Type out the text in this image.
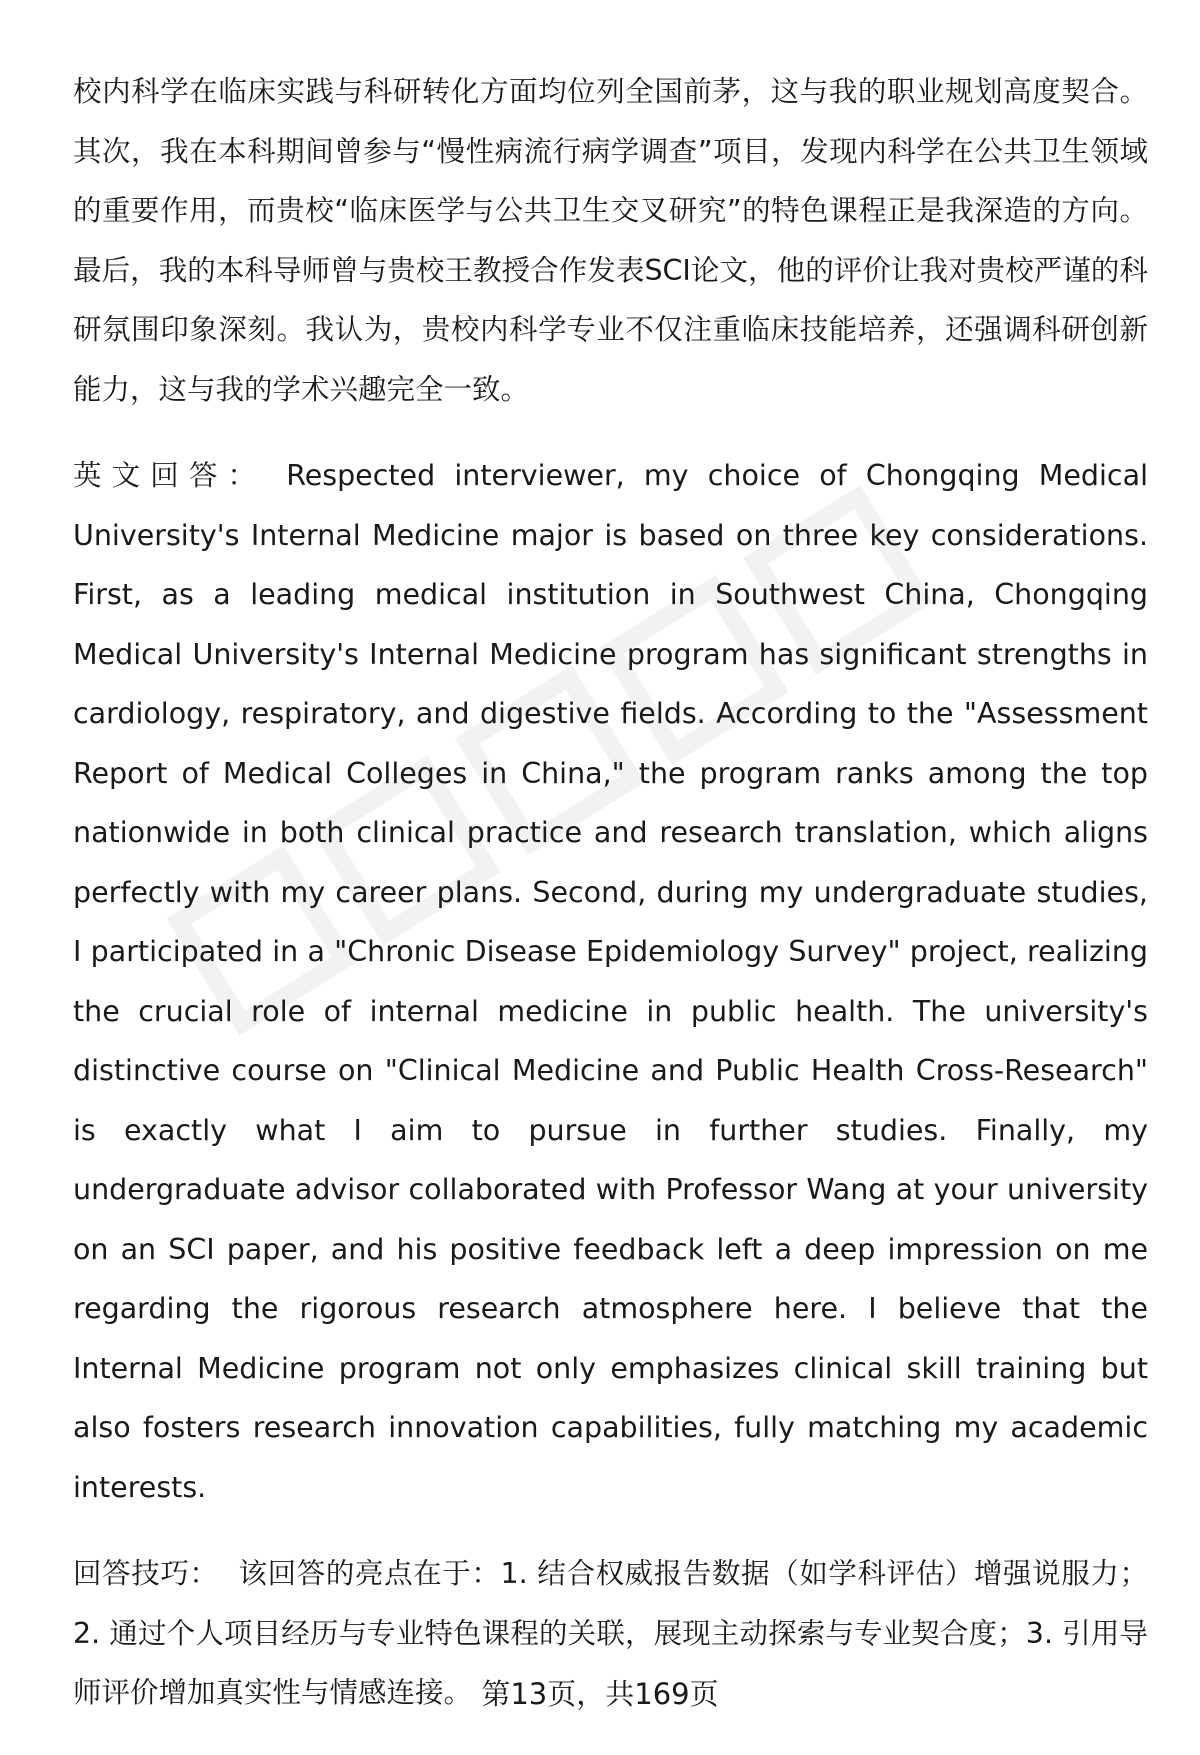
校内科学在临床实践与科研转化方面均位列全国前茅，这与我的职业规划高度契合。其次，我在本科期间曾参与“慢性病流行病学调查”项目，发现内科学在公共卫生领域的重要作用，而贵校“临床医学与公共卫生交叉研究”的特色课程正是我深造的方向。最后，我的本科导师曾与贵校王教授合作发表SCI论文，他的评价让我对贵校严谨的科研氛围印象深刻。我认为，贵校内科学专业不仅注重临床技能培养，还强调科研创新能力，这与我的学术兴趣完全一致。

英文回答： Respected interviewer, my choice of Chongqing Medical University's Internal Medicine major is based on three key considerations. First, as a leading medical institution in Southwest China, Chongqing Medical University's Internal Medicine program has significant strengths in cardiology, respiratory, and digestive fields. According to the "Assessment Report of Medical Colleges in China," the program ranks among the top nationwide in both clinical practice and research translation, which aligns perfectly with my career plans. Second, during my undergraduate studies, I participated in a "Chronic Disease Epidemiology Survey" project, realizing the crucial role of internal medicine in public health. The university's distinctive course on "Clinical Medicine and Public Health Cross-Research" is exactly what I aim to pursue in further studies. Finally, my undergraduate advisor collaborated with Professor Wang at your university on an SCI paper, and his positive feedback left a deep impression on me regarding the rigorous research atmosphere here. I believe that the Internal Medicine program not only emphasizes clinical skill training but also fosters research innovation capabilities, fully matching my academic interests.

回答技巧： 该回答的亮点在于：1. 结合权威报告数据（如学科评估）增强说服力；2. 通过个人项目经历与专业特色课程的关联，展现主动探索与专业契合度；3. 引用导师评价增加真实性与情感连接。 第13页，共169页
